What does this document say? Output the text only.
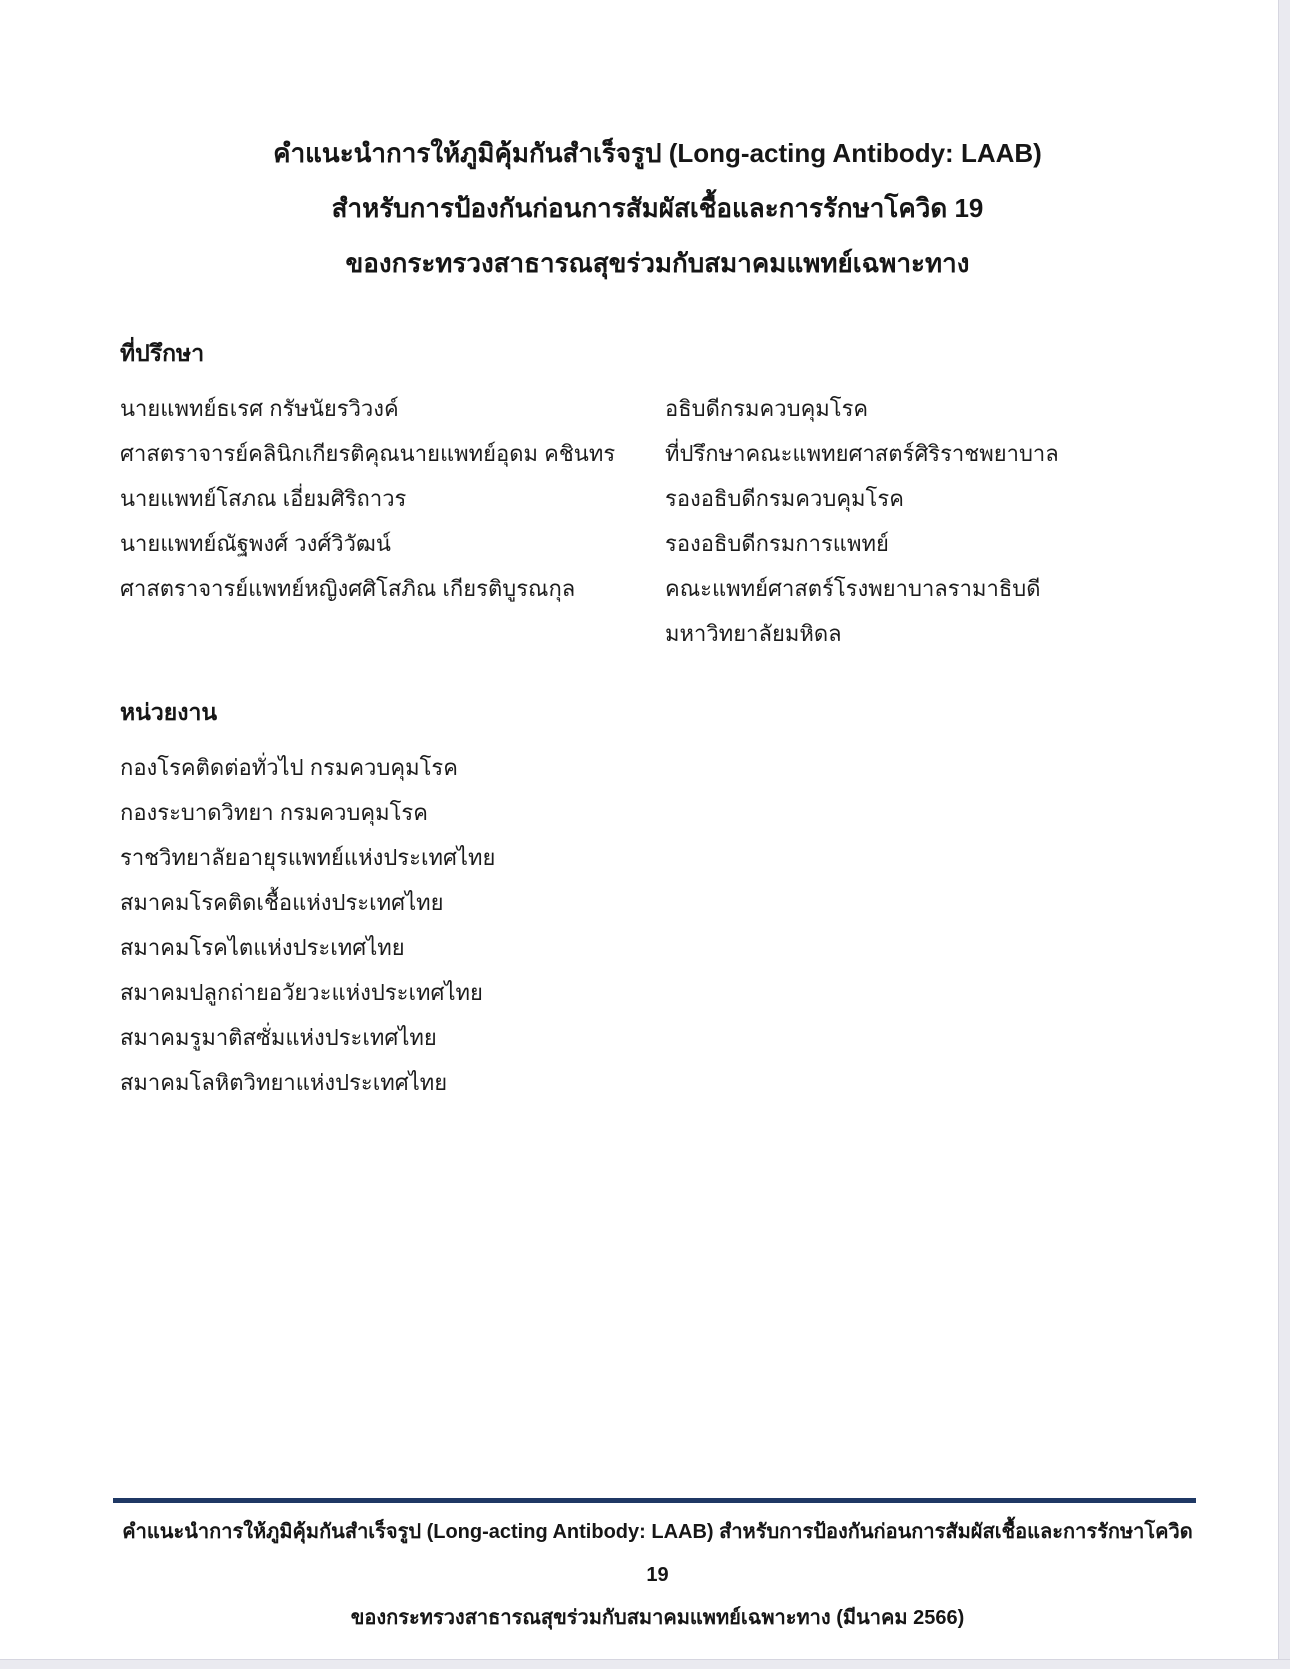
คำแนะนำการให้ภูมิคุ้มกันสำเร็จรูป (Long-acting Antibody: LAAB)
สำหรับการป้องกันก่อนการสัมผัสเชื้อและการรักษาโควิด 19
ของกระทรวงสาธารณสุขร่วมกับสมาคมแพทย์เฉพาะทาง
ที่ปรึกษา
นายแพทย์ธเรศ กรัษนัยรวิวงค์	อธิบดีกรมควบคุมโรค
ศาสตราจารย์คลินิกเกียรติคุณนายแพทย์อุดม คชินทร	ที่ปรึกษาคณะแพทยศาสตร์ศิริราชพยาบาล
นายแพทย์โสภณ เอี่ยมศิริถาวร	รองอธิบดีกรมควบคุมโรค
นายแพทย์ณัฐพงศ์ วงศ์วิวัฒน์	รองอธิบดีกรมการแพทย์
ศาสตราจารย์แพทย์หญิงศศิโสภิณ เกียรติบูรณกุล	คณะแพทย์ศาสตร์โรงพยาบาลรามาธิบดี
มหาวิทยาลัยมหิดล
หน่วยงาน
กองโรคติดต่อทั่วไป กรมควบคุมโรค
กองระบาดวิทยา กรมควบคุมโรค
ราชวิทยาลัยอายุรแพทย์แห่งประเทศไทย
สมาคมโรคติดเชื้อแห่งประเทศไทย
สมาคมโรคไตแห่งประเทศไทย
สมาคมปลูกถ่ายอวัยวะแห่งประเทศไทย
สมาคมรูมาติสซั่มแห่งประเทศไทย
สมาคมโลหิตวิทยาแห่งประเทศไทย
คำแนะนำการให้ภูมิคุ้มกันสำเร็จรูป (Long-acting Antibody: LAAB) สำหรับการป้องกันก่อนการสัมผัสเชื้อและการรักษาโควิด 19
ของกระทรวงสาธารณสุขร่วมกับสมาคมแพทย์เฉพาะทาง (มีนาคม 2566)
